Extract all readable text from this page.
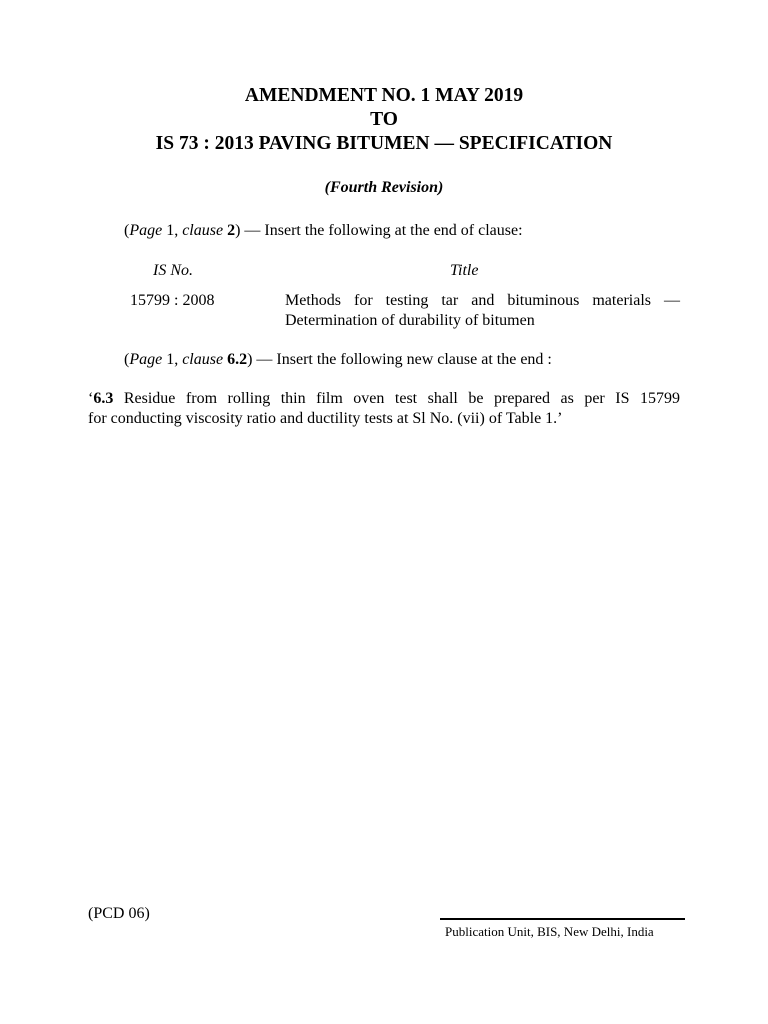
AMENDMENT NO. 1 MAY 2019
TO
IS 73 : 2013 PAVING BITUMEN — SPECIFICATION
(Fourth Revision)
(Page 1, clause 2) — Insert the following at the end of clause:
IS No.	Title
15799 : 2008	Methods for testing tar and bituminous materials —
Determination of durability of bitumen
(Page 1, clause 6.2) — Insert the following new clause at the end :
‘6.3 Residue from rolling thin film oven test shall be prepared as per IS 15799
for conducting viscosity ratio and ductility tests at Sl No. (vii) of Table 1.’
(PCD 06)
Publication Unit, BIS, New Delhi, India
